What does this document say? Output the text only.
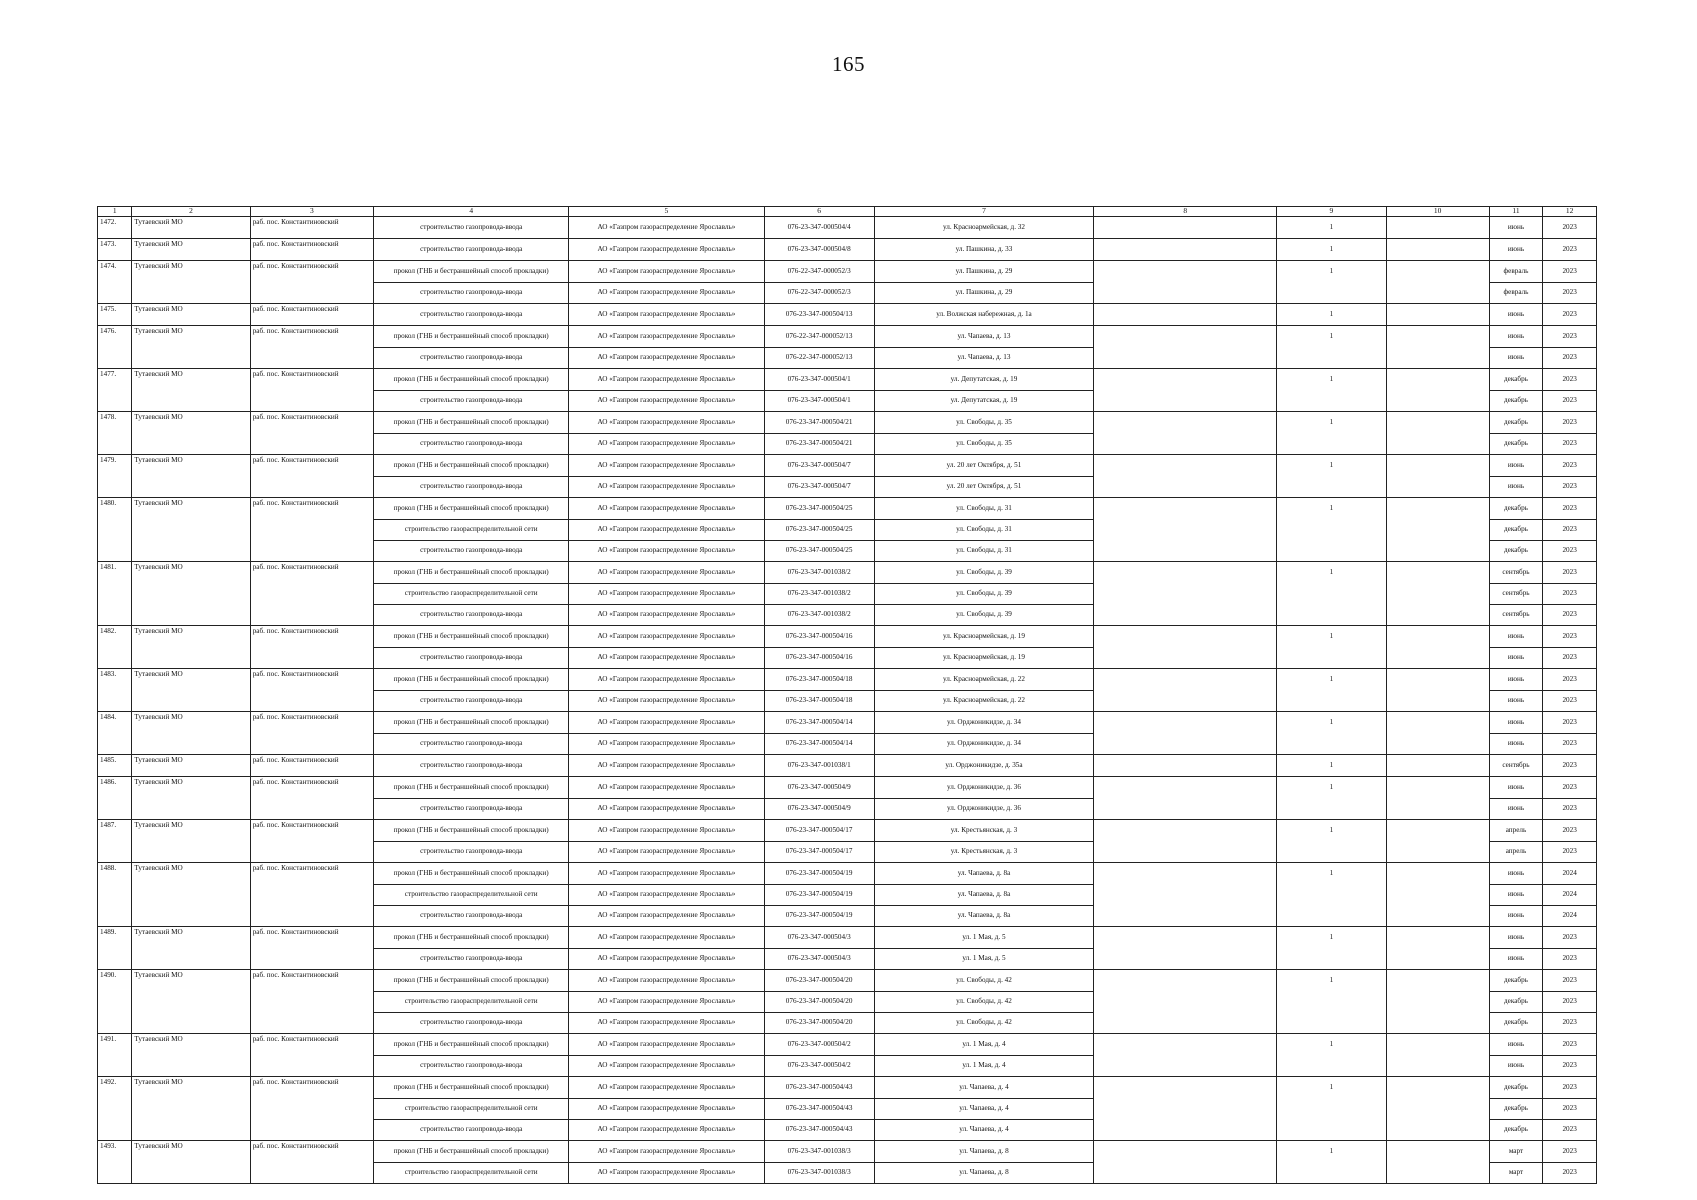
165
1	2	3	4	5	6	7	8	9	10	11	12
1472.	Тутаевский МО	раб. пос. Константиновский	строительство газопровода-ввода	АО «Газпром газораспределение Ярославль»	076-23-347-000504/4	ул. Красноармейская, д. 32		1		июнь	2023
1473.	Тутаевский МО	раб. пос. Константиновский	строительство газопровода-ввода	АО «Газпром газораспределение Ярославль»	076-23-347-000504/8	ул. Пашкина, д. 33		1		июнь	2023
1474.	Тутаевский МО	раб. пос. Константиновский	прокол (ГНБ и бестраншейный способ прокладки)	АО «Газпром газораспределение Ярославль»	076-22-347-000052/3	ул. Пашкина, д. 29		1		февраль	2023
			строительство газопровода-ввода	АО «Газпром газораспределение Ярославль»	076-22-347-000052/3	ул. Пашкина, д. 29				февраль	2023
1475.	Тутаевский МО	раб. пос. Константиновский	строительство газопровода-ввода	АО «Газпром газораспределение Ярославль»	076-23-347-000504/13	ул. Волжская набережная, д. 1а		1		июнь	2023
1476.	Тутаевский МО	раб. пос. Константиновский	прокол (ГНБ и бестраншейный способ прокладки)	АО «Газпром газораспределение Ярославль»	076-22-347-000052/13	ул. Чапаева, д. 13		1		июнь	2023
			строительство газопровода-ввода	АО «Газпром газораспределение Ярославль»	076-22-347-000052/13	ул. Чапаева, д. 13				июнь	2023
1477.	Тутаевский МО	раб. пос. Константиновский	прокол (ГНБ и бестраншейный способ прокладки)	АО «Газпром газораспределение Ярославль»	076-23-347-000504/1	ул. Депутатская, д. 19		1		декабрь	2023
			строительство газопровода-ввода	АО «Газпром газораспределение Ярославль»	076-23-347-000504/1	ул. Депутатская, д. 19				декабрь	2023
1478.	Тутаевский МО	раб. пос. Константиновский	прокол (ГНБ и бестраншейный способ прокладки)	АО «Газпром газораспределение Ярославль»	076-23-347-000504/21	ул. Свободы, д. 35		1		декабрь	2023
			строительство газопровода-ввода	АО «Газпром газораспределение Ярославль»	076-23-347-000504/21	ул. Свободы, д. 35				декабрь	2023
1479.	Тутаевский МО	раб. пос. Константиновский	прокол (ГНБ и бестраншейный способ прокладки)	АО «Газпром газораспределение Ярославль»	076-23-347-000504/7	ул. 20 лет Октября, д. 51		1		июнь	2023
			строительство газопровода-ввода	АО «Газпром газораспределение Ярославль»	076-23-347-000504/7	ул. 20 лет Октября, д. 51				июнь	2023
1480.	Тутаевский МО	раб. пос. Константиновский	прокол (ГНБ и бестраншейный способ прокладки)	АО «Газпром газораспределение Ярославль»	076-23-347-000504/25	ул. Свободы, д. 31		1		декабрь	2023
			строительство газораспределительной сети	АО «Газпром газораспределение Ярославль»	076-23-347-000504/25	ул. Свободы, д. 31				декабрь	2023
			строительство газопровода-ввода	АО «Газпром газораспределение Ярославль»	076-23-347-000504/25	ул. Свободы, д. 31				декабрь	2023
1481.	Тутаевский МО	раб. пос. Константиновский	прокол (ГНБ и бестраншейный способ прокладки)	АО «Газпром газораспределение Ярославль»	076-23-347-001038/2	ул. Свободы, д. 39		1		сентябрь	2023
			строительство газораспределительной сети	АО «Газпром газораспределение Ярославль»	076-23-347-001038/2	ул. Свободы, д. 39				сентябрь	2023
			строительство газопровода-ввода	АО «Газпром газораспределение Ярославль»	076-23-347-001038/2	ул. Свободы, д. 39				сентябрь	2023
1482.	Тутаевский МО	раб. пос. Константиновский	прокол (ГНБ и бестраншейный способ прокладки)	АО «Газпром газораспределение Ярославль»	076-23-347-000504/16	ул. Красноармейская, д. 19		1		июнь	2023
			строительство газопровода-ввода	АО «Газпром газораспределение Ярославль»	076-23-347-000504/16	ул. Красноармейская, д. 19				июнь	2023
1483.	Тутаевский МО	раб. пос. Константиновский	прокол (ГНБ и бестраншейный способ прокладки)	АО «Газпром газораспределение Ярославль»	076-23-347-000504/18	ул. Красноармейская, д. 22		1		июнь	2023
			строительство газопровода-ввода	АО «Газпром газораспределение Ярославль»	076-23-347-000504/18	ул. Красноармейская, д. 22				июнь	2023
1484.	Тутаевский МО	раб. пос. Константиновский	прокол (ГНБ и бестраншейный способ прокладки)	АО «Газпром газораспределение Ярославль»	076-23-347-000504/14	ул. Орджоникидзе, д. 34		1		июнь	2023
			строительство газопровода-ввода	АО «Газпром газораспределение Ярославль»	076-23-347-000504/14	ул. Орджоникидзе, д. 34				июнь	2023
1485.	Тутаевский МО	раб. пос. Константиновский	строительство газопровода-ввода	АО «Газпром газораспределение Ярославль»	076-23-347-001038/1	ул. Орджоникидзе, д. 35а		1		сентябрь	2023
1486.	Тутаевский МО	раб. пос. Константиновский	прокол (ГНБ и бестраншейный способ прокладки)	АО «Газпром газораспределение Ярославль»	076-23-347-000504/9	ул. Орджоникидзе, д. 36		1		июнь	2023
			строительство газопровода-ввода	АО «Газпром газораспределение Ярославль»	076-23-347-000504/9	ул. Орджоникидзе, д. 36				июнь	2023
1487.	Тутаевский МО	раб. пос. Константиновский	прокол (ГНБ и бестраншейный способ прокладки)	АО «Газпром газораспределение Ярославль»	076-23-347-000504/17	ул. Крестьянская, д. 3		1		апрель	2023
			строительство газопровода-ввода	АО «Газпром газораспределение Ярославль»	076-23-347-000504/17	ул. Крестьянская, д. 3				апрель	2023
1488.	Тутаевский МО	раб. пос. Константиновский	прокол (ГНБ и бестраншейный способ прокладки)	АО «Газпром газораспределение Ярославль»	076-23-347-000504/19	ул. Чапаева, д. 8а		1		июнь	2024
			строительство газораспределительной сети	АО «Газпром газораспределение Ярославль»	076-23-347-000504/19	ул. Чапаева, д. 8а				июнь	2024
			строительство газопровода-ввода	АО «Газпром газораспределение Ярославль»	076-23-347-000504/19	ул. Чапаева, д. 8а				июнь	2024
1489.	Тутаевский МО	раб. пос. Константиновский	прокол (ГНБ и бестраншейный способ прокладки)	АО «Газпром газораспределение Ярославль»	076-23-347-000504/3	ул. 1 Мая, д. 5		1		июнь	2023
			строительство газопровода-ввода	АО «Газпром газораспределение Ярославль»	076-23-347-000504/3	ул. 1 Мая, д. 5				июнь	2023
1490.	Тутаевский МО	раб. пос. Константиновский	прокол (ГНБ и бестраншейный способ прокладки)	АО «Газпром газораспределение Ярославль»	076-23-347-000504/20	ул. Свободы, д. 42		1		декабрь	2023
			строительство газораспределительной сети	АО «Газпром газораспределение Ярославль»	076-23-347-000504/20	ул. Свободы, д. 42				декабрь	2023
			строительство газопровода-ввода	АО «Газпром газораспределение Ярославль»	076-23-347-000504/20	ул. Свободы, д. 42				декабрь	2023
1491.	Тутаевский МО	раб. пос. Константиновский	прокол (ГНБ и бестраншейный способ прокладки)	АО «Газпром газораспределение Ярославль»	076-23-347-000504/2	ул. 1 Мая, д. 4		1		июнь	2023
			строительство газопровода-ввода	АО «Газпром газораспределение Ярославль»	076-23-347-000504/2	ул. 1 Мая, д. 4				июнь	2023
1492.	Тутаевский МО	раб. пос. Константиновский	прокол (ГНБ и бестраншейный способ прокладки)	АО «Газпром газораспределение Ярославль»	076-23-347-000504/43	ул. Чапаева, д. 4		1		декабрь	2023
			строительство газораспределительной сети	АО «Газпром газораспределение Ярославль»	076-23-347-000504/43	ул. Чапаева, д. 4				декабрь	2023
			строительство газопровода-ввода	АО «Газпром газораспределение Ярославль»	076-23-347-000504/43	ул. Чапаева, д. 4				декабрь	2023
1493.	Тутаевский МО	раб. пос. Константиновский	прокол (ГНБ и бестраншейный способ прокладки)	АО «Газпром газораспределение Ярославль»	076-23-347-001038/3	ул. Чапаева, д. 8		1		март	2023
			строительство газораспределительной сети	АО «Газпром газораспределение Ярославль»	076-23-347-001038/3	ул. Чапаева, д. 8				март	2023
